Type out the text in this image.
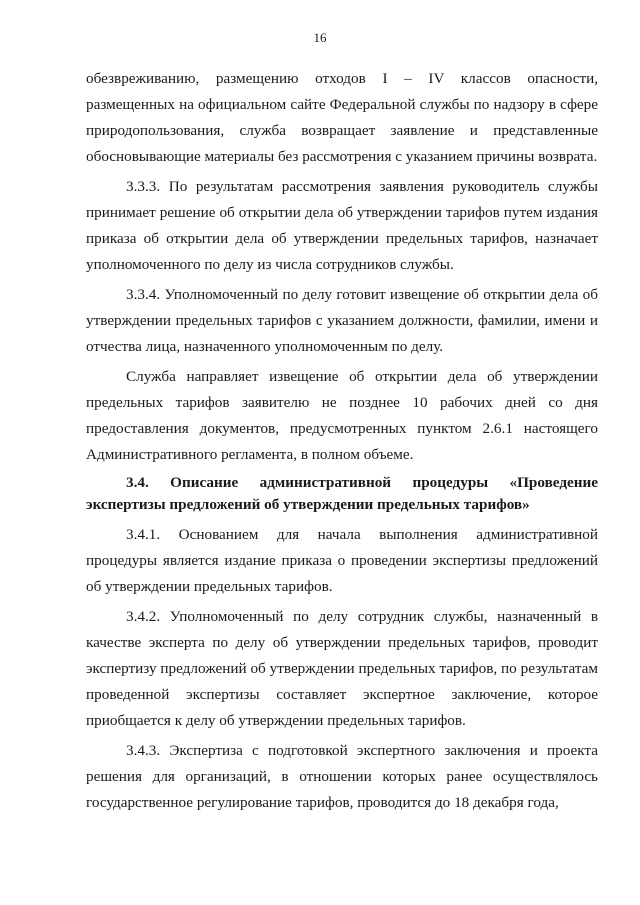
16

обезвреживанию, размещению отходов I – IV классов опасности, размещенных на официальном сайте Федеральной службы по надзору в сфере природопользования, служба возвращает заявление и представленные обосновывающие материалы без рассмотрения с указанием причины возврата.

3.3.3. По результатам рассмотрения заявления руководитель службы принимает решение об открытии дела об утверждении тарифов путем издания приказа об открытии дела об утверждении предельных тарифов, назначает уполномоченного по делу из числа сотрудников службы.

3.3.4. Уполномоченный по делу готовит извещение об открытии дела об утверждении предельных тарифов с указанием должности, фамилии, имени и отчества лица, назначенного уполномоченным по делу.

Служба направляет извещение об открытии дела об утверждении предельных тарифов заявителю не позднее 10 рабочих дней со дня предоставления документов, предусмотренных пунктом 2.6.1 настоящего Административного регламента, в полном объеме.

3.4. Описание административной процедуры «Проведение экспертизы предложений об утверждении предельных тарифов»

3.4.1. Основанием для начала выполнения административной процедуры является издание приказа о проведении экспертизы предложений об утверждении предельных тарифов.

3.4.2. Уполномоченный по делу сотрудник службы, назначенный в качестве эксперта по делу об утверждении предельных тарифов, проводит экспертизу предложений об утверждении предельных тарифов, по результатам проведенной экспертизы составляет экспертное заключение, которое приобщается к делу об утверждении предельных тарифов.

3.4.3. Экспертиза с подготовкой экспертного заключения и проекта решения для организаций, в отношении которых ранее осуществлялось государственное регулирование тарифов, проводится до 18 декабря года,
